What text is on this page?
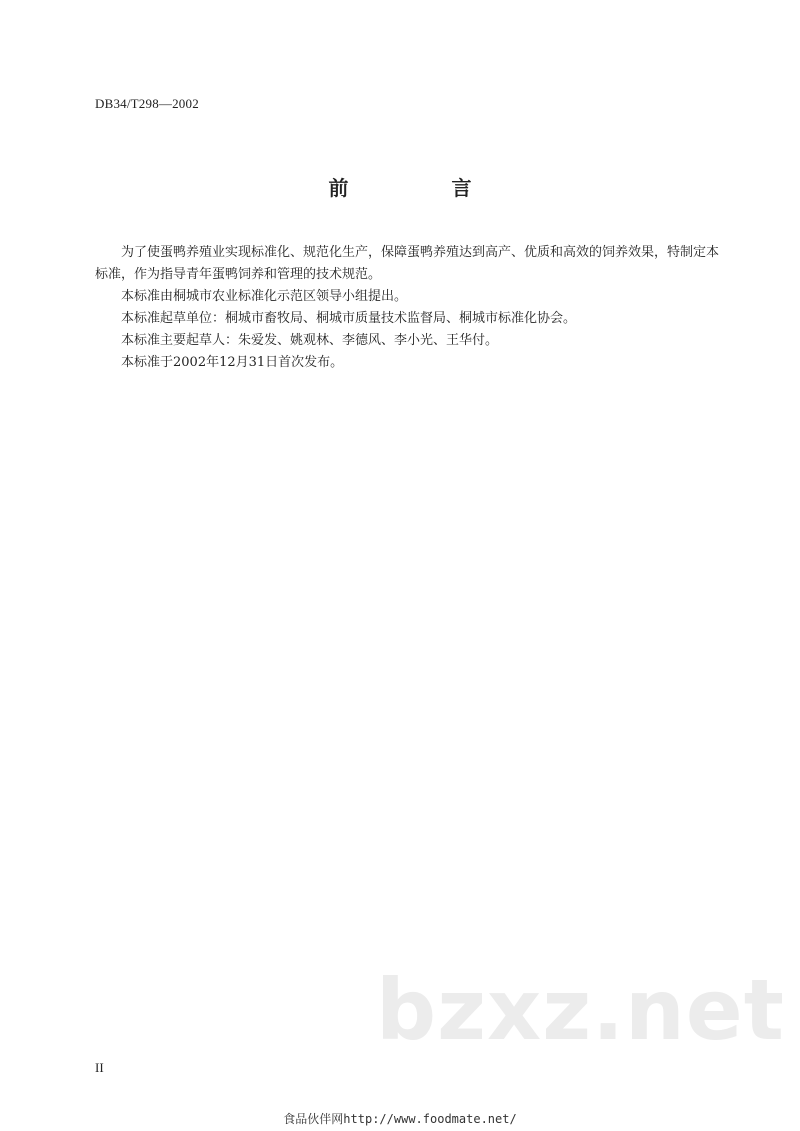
DB34/T298—2002
前 言

为了使蛋鸭养殖业实现标准化、规范化生产，保障蛋鸭养殖达到高产、优质和高效的饲养效果，特制定本标准，作为指导青年蛋鸭饲养和管理的技术规范。

本标准由桐城市农业标准化示范区领导小组提出。

本标准起草单位：桐城市畜牧局、桐城市质量技术监督局、桐城市标准化协会。

本标准主要起草人：朱爱发、姚观林、李德风、李小光、王华付。

本标准于2002年12月31日首次发布。

bzxz.net
II
食品伙伴网http://www.foodmate.net/
